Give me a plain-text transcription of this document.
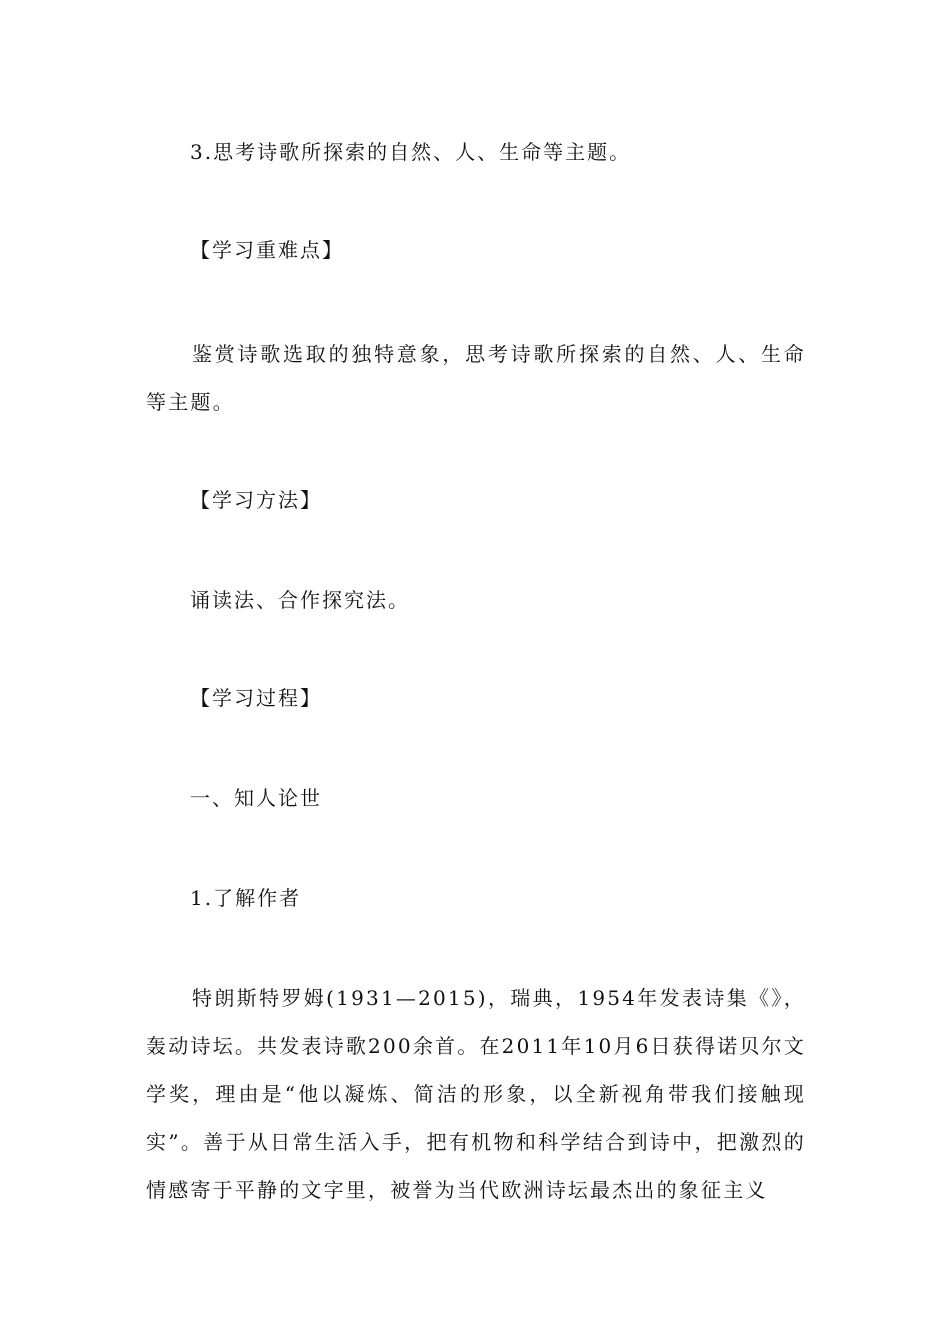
3.思考诗歌所探索的自然、人、生命等主题。
【学习重难点】
鉴赏诗歌选取的独特意象，思考诗歌所探索的自然、人、生命等主题。
【学习方法】
诵读法、合作探究法。
【学习过程】
一、知人论世
1.了解作者
特朗斯特罗姆(1931—2015)，瑞典，1954年发表诗集《》，轰动诗坛。共发表诗歌200余首。在2011年10月6日获得诺贝尔文学奖，理由是“他以凝炼、简洁的形象，以全新视角带我们接触现实”。善于从日常生活入手，把有机物和科学结合到诗中，把激烈的情感寄于平静的文字里，被誉为当代欧洲诗坛最杰出的象征主义
